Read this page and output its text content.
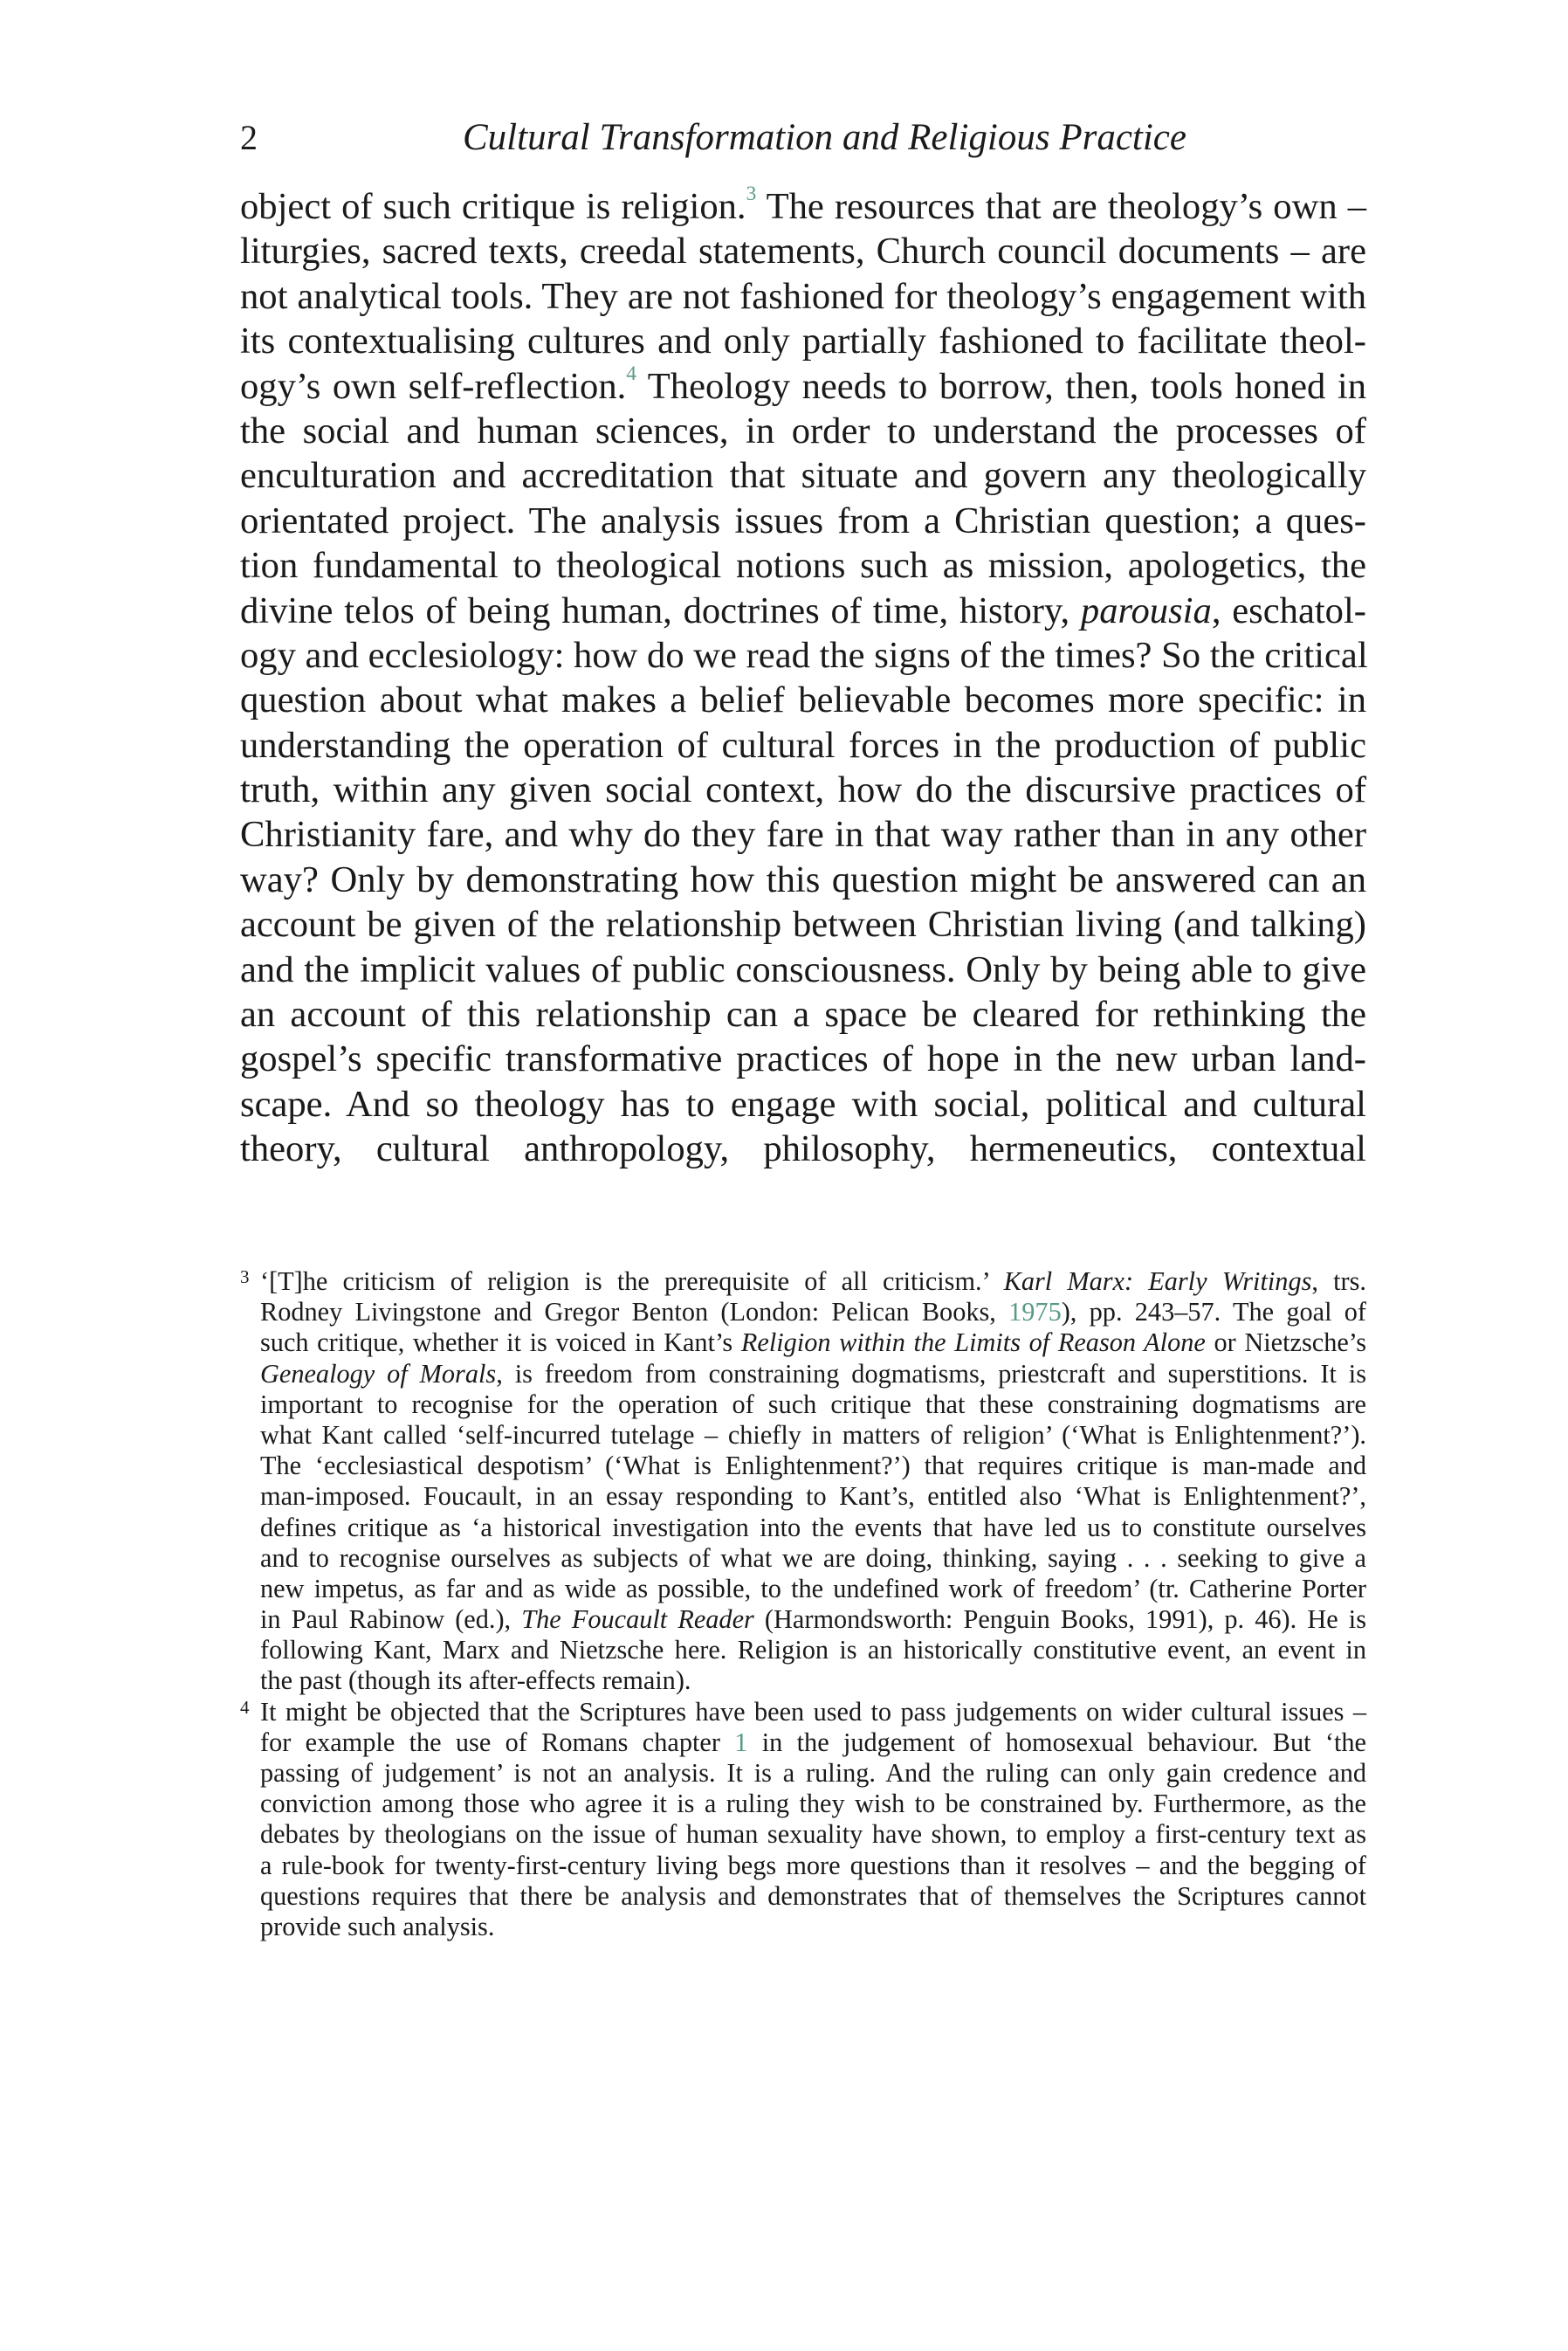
2	Cultural Transformation and Religious Practice
object of such critique is religion.$^3$ The resources that are theology’s own –
liturgies, sacred texts, creedal statements, Church council documents – are
not analytical tools. They are not fashioned for theology’s engagement with
its contextualising cultures and only partially fashioned to facilitate theol-
ogy’s own self-reflection.$^4$ Theology needs to borrow, then, tools honed in
the social and human sciences, in order to understand the processes of
enculturation and accreditation that situate and govern any theologically
orientated project. The analysis issues from a Christian question; a ques-
tion fundamental to theological notions such as mission, apologetics, the
divine telos of being human, doctrines of time, history, parousia, eschatol-
ogy and ecclesiology: how do we read the signs of the times? So the critical
question about what makes a belief believable becomes more specific: in
understanding the operation of cultural forces in the production of public
truth, within any given social context, how do the discursive practices of
Christianity fare, and why do they fare in that way rather than in any other
way? Only by demonstrating how this question might be answered can an
account be given of the relationship between Christian living (and talking)
and the implicit values of public consciousness. Only by being able to give
an account of this relationship can a space be cleared for rethinking the
gospel’s specific transformative practices of hope in the new urban land-
scape. And so theology has to engage with social, political and cultural
theory, cultural anthropology, philosophy, hermeneutics, contextual
3 ‘[T]he criticism of religion is the prerequisite of all criticism.’ Karl Marx: Early Writings, trs.
Rodney Livingstone and Gregor Benton (London: Pelican Books, 1975), pp. 243–57. The goal of
such critique, whether it is voiced in Kant’s Religion within the Limits of Reason Alone or Nietzsche’s
Genealogy of Morals, is freedom from constraining dogmatisms, priestcraft and superstitions. It is
important to recognise for the operation of such critique that these constraining dogmatisms are
what Kant called ‘self-incurred tutelage – chiefly in matters of religion’ (‘What is Enlightenment?’).
The ‘ecclesiastical despotism’ (‘What is Enlightenment?’) that requires critique is man-made and
man-imposed. Foucault, in an essay responding to Kant’s, entitled also ‘What is Enlightenment?’,
defines critique as ‘a historical investigation into the events that have led us to constitute ourselves
and to recognise ourselves as subjects of what we are doing, thinking, saying . . . seeking to give a
new impetus, as far and as wide as possible, to the undefined work of freedom’ (tr. Catherine Porter
in Paul Rabinow (ed.), The Foucault Reader (Harmondsworth: Penguin Books, 1991), p. 46). He is
following Kant, Marx and Nietzsche here. Religion is an historically constitutive event, an event in
the past (though its after-effects remain).
4 It might be objected that the Scriptures have been used to pass judgements on wider cultural issues –
for example the use of Romans chapter 1 in the judgement of homosexual behaviour. But ‘the
passing of judgement’ is not an analysis. It is a ruling. And the ruling can only gain credence and
conviction among those who agree it is a ruling they wish to be constrained by. Furthermore, as the
debates by theologians on the issue of human sexuality have shown, to employ a first-century text as
a rule-book for twenty-first-century living begs more questions than it resolves – and the begging of
questions requires that there be analysis and demonstrates that of themselves the Scriptures cannot
provide such analysis.
